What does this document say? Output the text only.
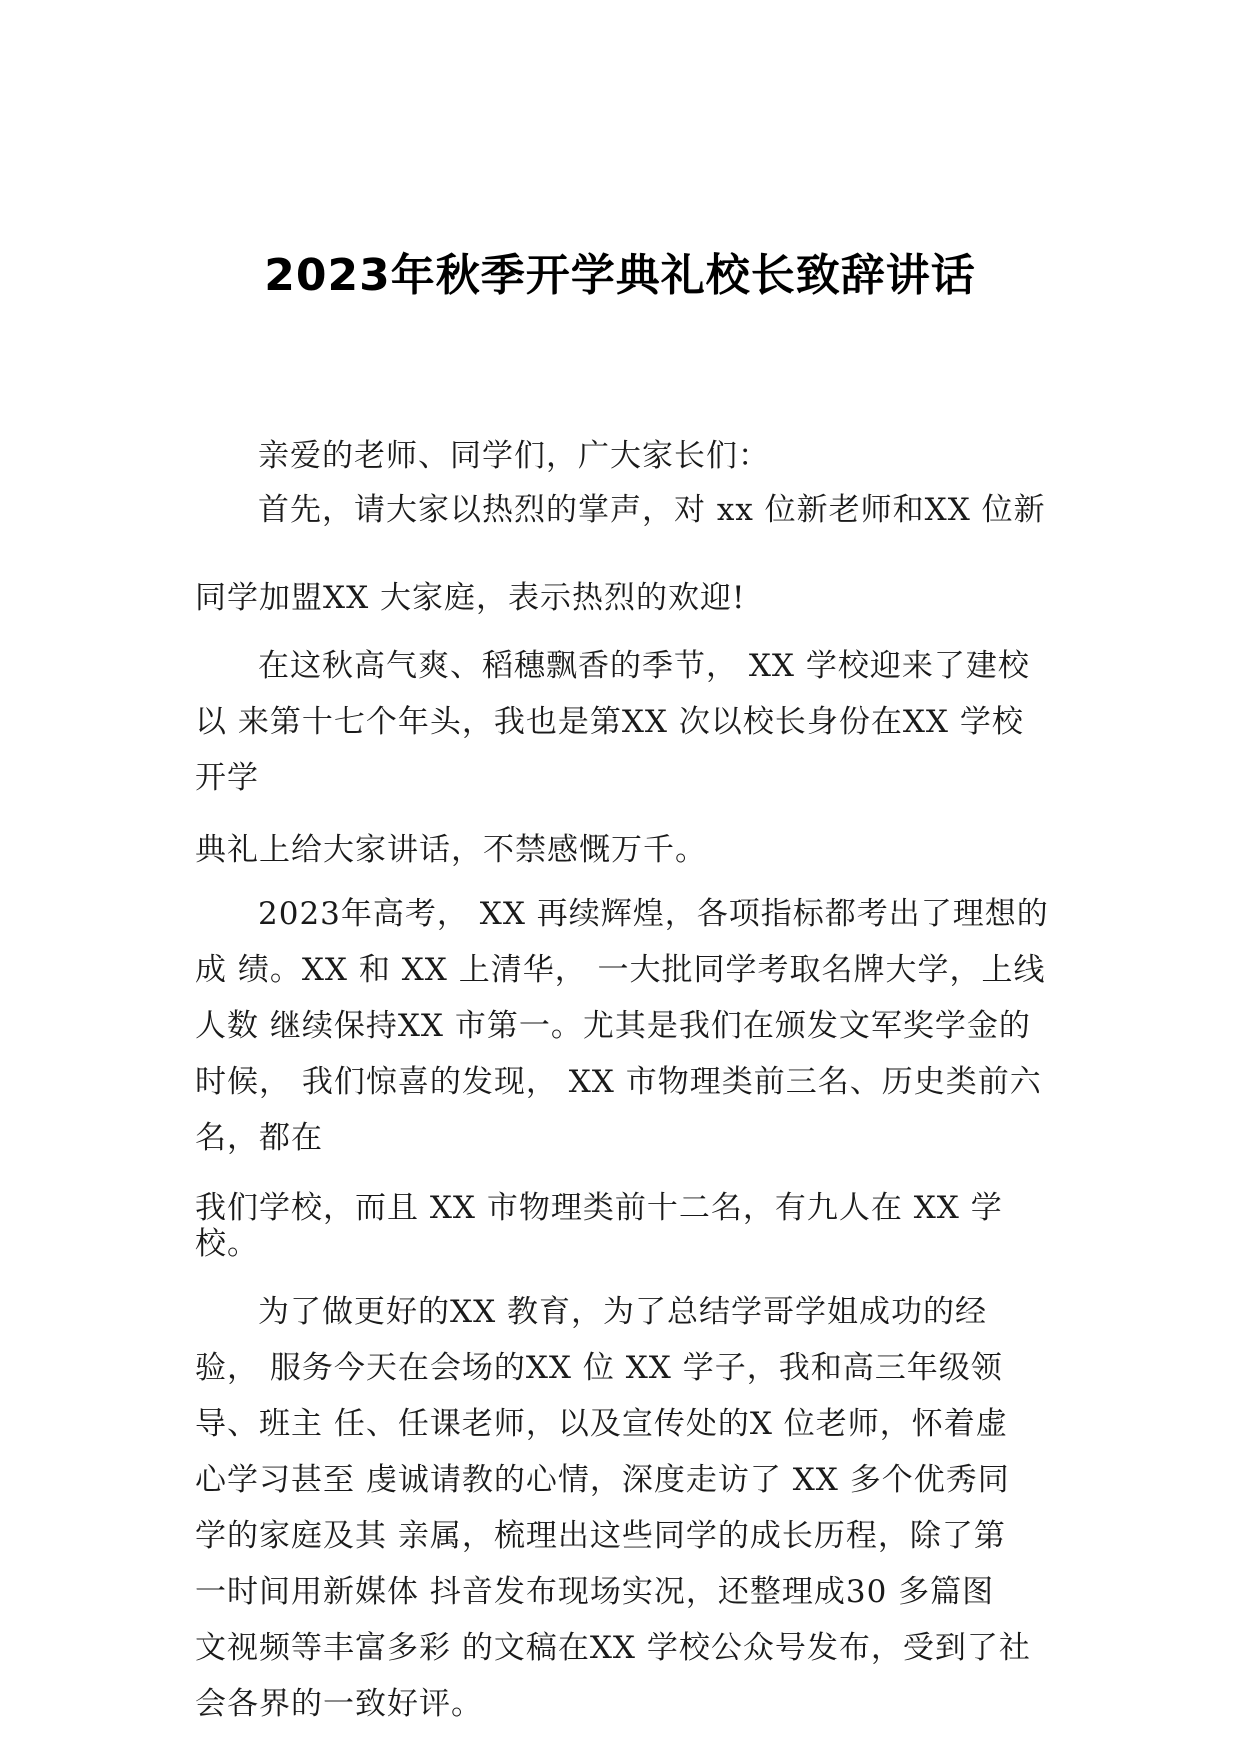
2023年秋季开学典礼校长致辞讲话
亲爱的老师、同学们，广大家长们：
首先，请大家以热烈的掌声，对 xx 位新老师和XX 位新
同学加盟XX 大家庭，表示热烈的欢迎!
在这秋高气爽、稻穗飘香的季节， XX 学校迎来了建校
以 来第十七个年头，我也是第XX 次以校长身份在XX 学校
开学
典礼上给大家讲话，不禁感慨万千。
2023年高考， XX 再续辉煌，各项指标都考出了理想的
成 绩。XX 和 XX 上清华， 一大批同学考取名牌大学，上线
人数 继续保持XX 市第一。尤其是我们在颁发文军奖学金的
时候， 我们惊喜的发现， XX 市物理类前三名、历史类前六
名，都在
我们学校，而且 XX 市物理类前十二名，有九人在 XX 学
校。
为了做更好的XX 教育，为了总结学哥学姐成功的经
验， 服务今天在会场的XX 位 XX 学子，我和高三年级领
导、班主 任、任课老师，以及宣传处的X 位老师，怀着虚
心学习甚至 虔诚请教的心情，深度走访了 XX 多个优秀同
学的家庭及其 亲属，梳理出这些同学的成长历程，除了第
一时间用新媒体 抖音发布现场实况，还整理成30 多篇图
文视频等丰富多彩 的文稿在XX 学校公众号发布，受到了社
会各界的一致好评。
